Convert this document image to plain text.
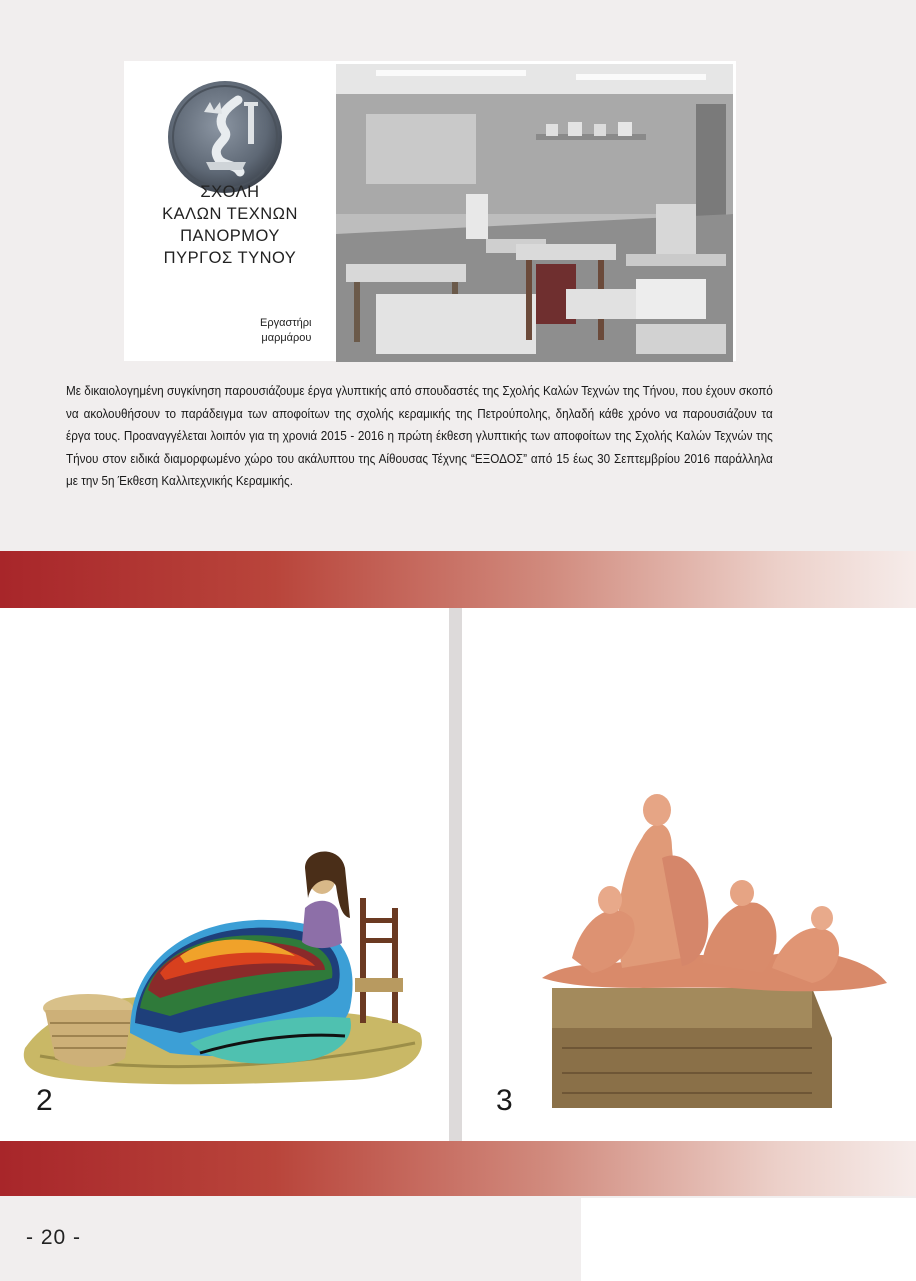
ΣΧΟΛΗ
ΚΑΛΩΝ ΤΕΧΝΩΝ
ΠΑΝΟΡΜΟΥ
ΠΥΡΓΟΣ ΤΥΝΟΥ
Εργαστήρι
μαρμάρου

Με δικαιολογημένη συγκίνηση παρουσιάζουμε έργα γλυπτικής από σπουδαστές της Σχολής Καλών Τεχνών της Τήνου, που έχουν σκοπό να ακολουθήσουν το παράδειγμα των αποφοίτων της σχολής κεραμικής της Πετρούπολης, δηλαδή κάθε χρόνο να παρουσιάζουν τα έργα τους. Προαναγγέλεται λοιπόν για τη χρονιά 2015 - 2016 η πρώτη έκθεση γλυπτικής των αποφοίτων της Σχολής Καλών Τεχνών της Τήνου στον ειδικά διαμορφωμένο χώρο του ακάλυπτου της Αίθουσας Τέχνης “ΕΞΟΔΟΣ” από 15 έως 30 Σεπτεμβρίου 2016 παράλληλα με την 5η Έκθεση Καλλιτεχνικής Κεραμικής.

2	3
- 20 -
